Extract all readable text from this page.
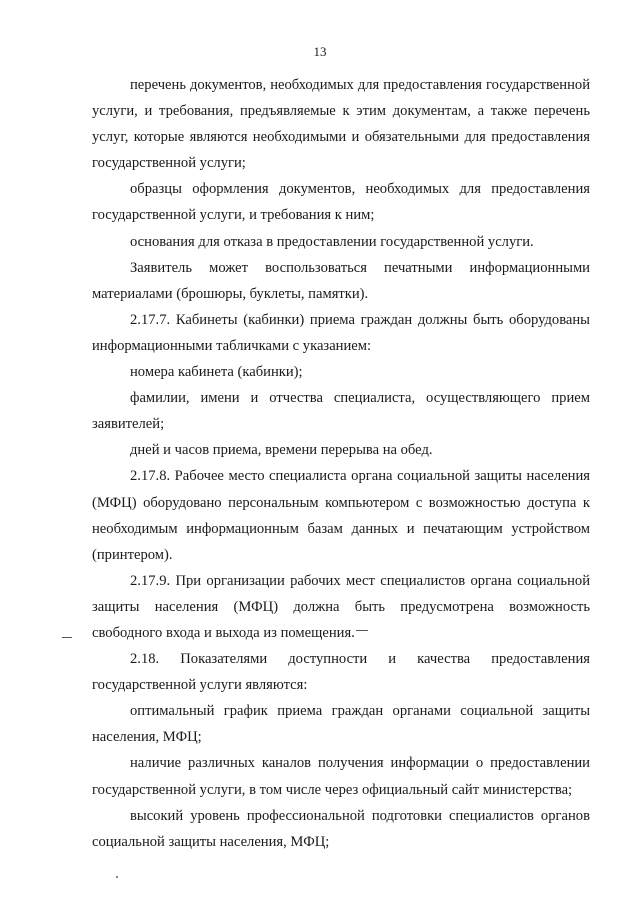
13

перечень документов, необходимых для предоставления государственной услуги, и требования, предъявляемые к этим документам, а также перечень услуг, которые являются необходимыми и обязательными для предоставления государственной услуги;

образцы оформления документов, необходимых для предоставления государственной услуги, и требования к ним;

основания для отказа в предоставлении государственной услуги.

Заявитель может воспользоваться печатными информационными материалами (брошюры, буклеты, памятки).

2.17.7. Кабинеты (кабинки) приема граждан должны быть оборудованы информационными табличками с указанием:

номера кабинета (кабинки);

фамилии, имени и отчества специалиста, осуществляющего прием заявителей;

дней и часов приема, времени перерыва на обед.

2.17.8. Рабочее место специалиста органа социальной защиты населения (МФЦ) оборудовано персональным компьютером с возможностью доступа к необходимым информационным базам данных и печатающим устройством (принтером).

2.17.9. При организации рабочих мест специалистов органа социальной защиты населения (МФЦ) должна быть предусмотрена возможность свободного входа и выхода из помещения.

2.18. Показателями доступности и качества предоставления государственной услуги являются:

оптимальный график приема граждан органами социальной защиты населения, МФЦ;

наличие различных каналов получения информации о предоставлении государственной услуги, в том числе через официальный сайт министерства;

высокий уровень профессиональной подготовки специалистов органов социальной защиты населения, МФЦ;
